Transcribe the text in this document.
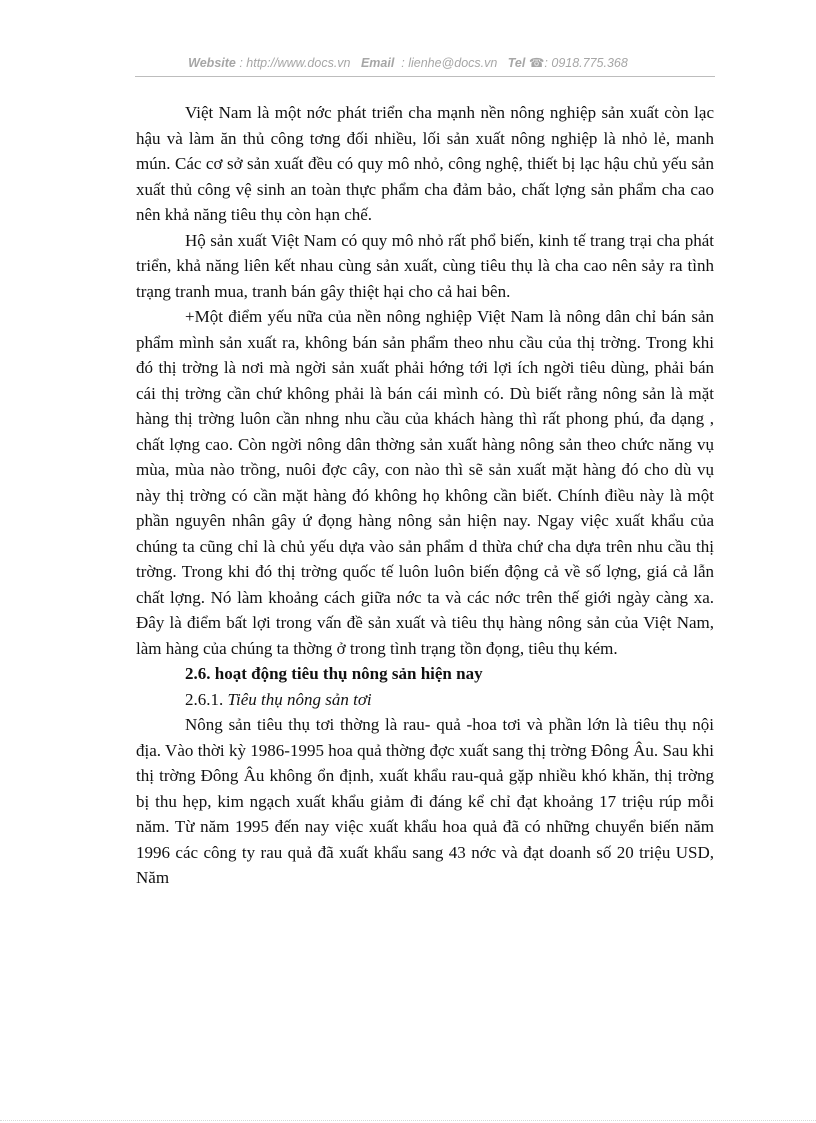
Website : http://www.docs.vn Email : lienhe@docs.vn Tel ☎: 0918.775.368

Việt Nam là một nớc phát triển cha mạnh nền nông nghiệp sản xuất còn lạc hậu và làm ăn thủ công tơng đối nhiều, lối sản xuất nông nghiệp là nhỏ lẻ, manh mún. Các cơ sở sản xuất đều có quy mô nhỏ, công nghệ, thiết bị lạc hậu chủ yếu sản xuất thủ công vệ sinh an toàn thực phẩm cha đảm bảo, chất lợng sản phẩm cha cao nên khả năng tiêu thụ còn hạn chế.

Hộ sản xuất Việt Nam có quy mô nhỏ rất phổ biến, kinh tế trang trại cha phát triển, khả năng liên kết nhau cùng sản xuất, cùng tiêu thụ là cha cao nên sảy ra tình trạng tranh mua, tranh bán gây thiệt hại cho cả hai bên.

+Một điểm yếu nữa của nền nông nghiệp Việt Nam là nông dân chỉ bán sản phẩm mình sản xuất ra, không bán sản phẩm theo nhu cầu của thị trờng. Trong khi đó thị trờng là nơi mà ngời sản xuất phải hớng tới lợi ích ngời tiêu dùng, phải bán cái thị trờng cần chứ không phải là bán cái mình có. Dù biết rằng nông sản là mặt hàng thị trờng luôn cần nhng nhu cầu của khách hàng thì rất phong phú, đa dạng , chất lợng cao. Còn ngời nông dân thờng sản xuất hàng nông sản theo chức năng vụ mùa, mùa nào trồng, nuôi đợc cây, con nào thì sẽ sản xuất mặt hàng đó cho dù vụ này thị trờng có cần mặt hàng đó không họ không cần biết. Chính điều này là một phần nguyên nhân gây ứ đọng hàng nông sản hiện nay. Ngay việc xuất khẩu của chúng ta cũng chỉ là chủ yếu dựa vào sản phẩm d thừa chứ cha dựa trên nhu cầu thị trờng. Trong khi đó thị trờng quốc tế luôn luôn biến động cả về số lợng, giá cả lẫn chất lợng. Nó làm khoảng cách giữa nớc ta và các nớc trên thế giới ngày càng xa. Đây là điểm bất lợi trong vấn đề sản xuất và tiêu thụ hàng nông sản của Việt Nam, làm hàng của chúng ta thờng ở trong tình trạng tồn đọng, tiêu thụ kém.

2.6. hoạt động tiêu thụ nông sản hiện nay
2.6.1. Tiêu thụ nông sản tơi

Nông sản tiêu thụ tơi thờng là rau- quả -hoa tơi và phần lớn là tiêu thụ nội địa. Vào thời kỳ 1986-1995 hoa quả thờng đợc xuất sang thị trờng Đông Âu. Sau khi thị trờng Đông Âu không ổn định, xuất khẩu rau-quả gặp nhiều khó khăn, thị trờng bị thu hẹp, kim ngạch xuất khẩu giảm đi đáng kể chỉ đạt khoảng 17 triệu rúp mỗi năm. Từ năm 1995 đến nay việc xuất khẩu hoa quả đã có những chuyển biến năm 1996 các công ty rau quả đã xuất khẩu sang 43 nớc và đạt doanh số 20 triệu USD, Năm
